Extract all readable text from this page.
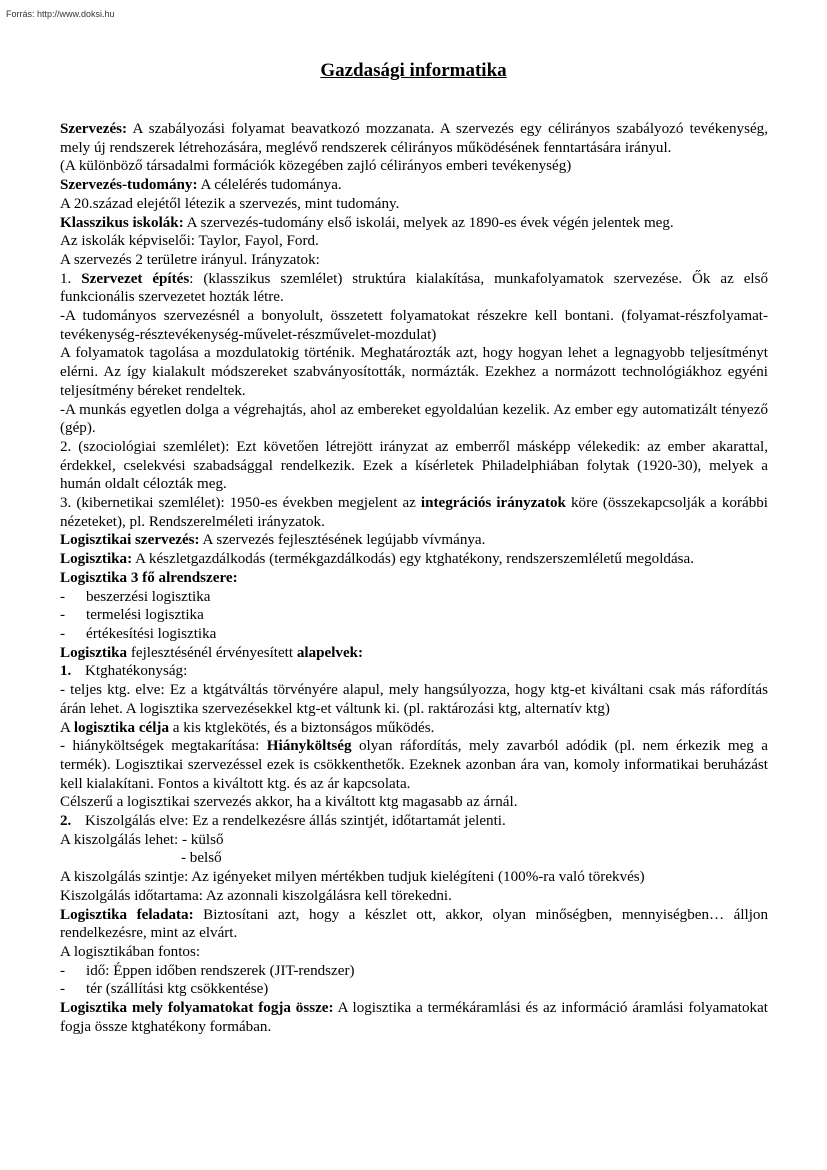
Forrás: http://www.doksi.hu
Gazdasági informatika

Szervezés: A szabályozási folyamat beavatkozó mozzanata. A szervezés egy célirányos szabályozó tevékenység, mely új rendszerek létrehozására, meglévő rendszerek célirányos működésének fenntartására irányul.

(A különböző társadalmi formációk közegében zajló célirányos emberi tevékenység)

Szervezés-tudomány: A célelérés tudománya.

A 20.század elejétől létezik a szervezés, mint tudomány.

Klasszikus iskolák: A szervezés-tudomány első iskolái, melyek az 1890-es évek végén jelentek meg.

Az iskolák képviselői: Taylor, Fayol, Ford.

A szervezés 2 területre irányul. Irányzatok:

1. Szervezet építés: (klasszikus szemlélet) struktúra kialakítása, munkafolyamatok szervezése. Ők az első funkcionális szervezetet hozták létre.

-A tudományos szervezésnél a bonyolult, összetett folyamatokat részekre kell bontani. (folyamat-részfolyamat-tevékenység-résztevékenység-művelet-részművelet-mozdulat)

A folyamatok tagolása a mozdulatokig történik. Meghatározták azt, hogy hogyan lehet a legnagyobb teljesítményt elérni. Az így kialakult módszereket szabványosították, normázták. Ezekhez a normázott technológiákhoz egyéni teljesítmény béreket rendeltek.

-A munkás egyetlen dolga a végrehajtás, ahol az embereket egyoldalúan kezelik. Az ember egy automatizált tényező (gép).

2. (szociológiai szemlélet): Ezt követően létrejött irányzat az emberről másképp vélekedik: az ember akarattal, érdekkel, cselekvési szabadsággal rendelkezik. Ezek a kísérletek Philadelphiában folytak (1920-30), melyek a humán oldalt célozták meg.

3. (kibernetikai szemlélet): 1950-es években megjelent az integrációs irányzatok köre (összekapcsolják a korábbi nézeteket), pl. Rendszerelméleti irányzatok.

Logisztikai szervezés: A szervezés fejlesztésének legújabb vívmánya.

Logisztika: A készletgazdálkodás (termékgazdálkodás) egy ktghatékony, rendszerszemléletű megoldása.

Logisztika 3 fő alrendszere:

-	beszerzési logisztika
-	termelési logisztika
-	értékesítési logisztika

Logisztika fejlesztésénél érvényesített alapelvek:

1. Ktghatékonyság:

- teljes ktg. elve: Ez a ktgátváltás törvényére alapul, mely hangsúlyozza, hogy ktg-et kiváltani csak más ráfordítás árán lehet. A logisztika szervezésekkel ktg-et váltunk ki. (pl. raktározási ktg, alternatív ktg)

A logisztika célja a kis ktglekötés, és a biztonságos működés.

- hiányköltségek megtakarítása: Hiányköltség olyan ráfordítás, mely zavarból adódik (pl. nem érkezik meg a termék). Logisztikai szervezéssel ezek is csökkenthetők. Ezeknek azonban ára van, komoly informatikai beruházást kell kialakítani. Fontos a kiváltott ktg. és az ár kapcsolata.

Célszerű a logisztikai szervezés akkor, ha a kiváltott ktg magasabb az árnál.

2. Kiszolgálás elve: Ez a rendelkezésre állás szintjét, időtartamát jelenti.

A kiszolgálás lehet: - külső

- belső

A kiszolgálás szintje: Az igényeket milyen mértékben tudjuk kielégíteni (100%-ra való törekvés)

Kiszolgálás időtartama: Az azonnali kiszolgálásra kell törekedni.

Logisztika feladata: Biztosítani azt, hogy a készlet ott, akkor, olyan minőségben, mennyiségben… álljon rendelkezésre, mint az elvárt.

A logisztikában fontos:

-	idő: Éppen időben rendszerek (JIT-rendszer)
-	tér (szállítási ktg csökkentése)

Logisztika mely folyamatokat fogja össze: A logisztika a termékáramlási és az információ áramlási folyamatokat fogja össze ktghatékony formában.
